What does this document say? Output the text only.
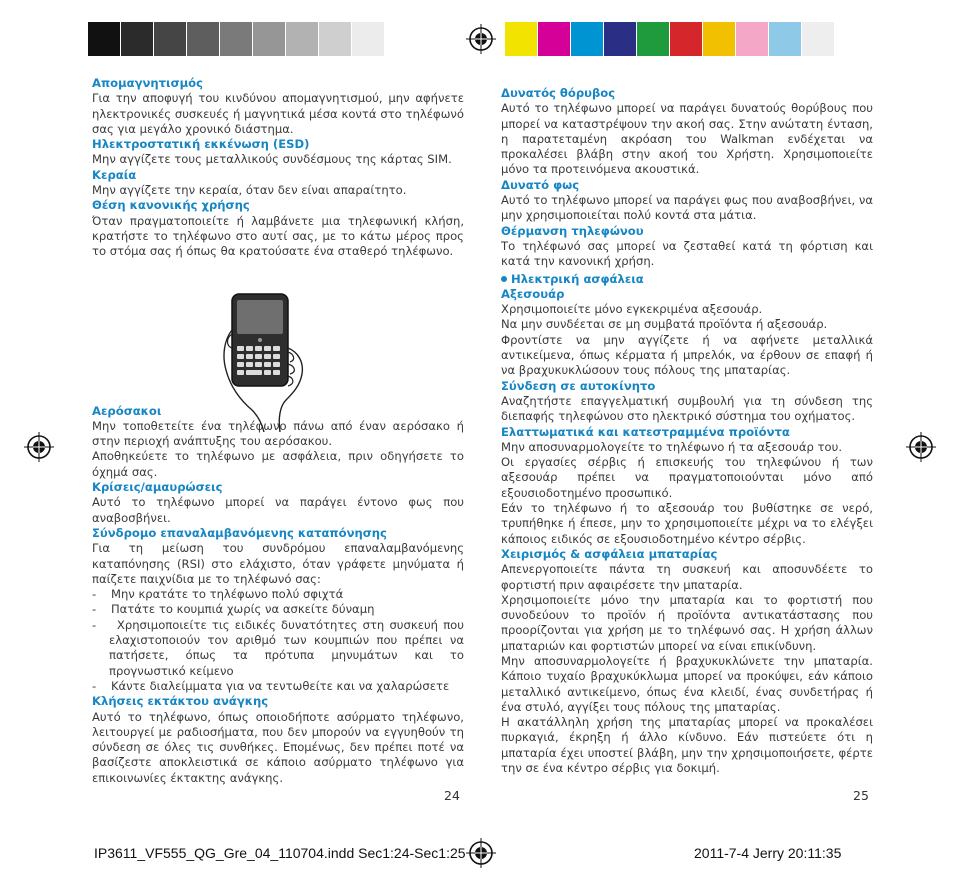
Απομαγνητισμός

Για την αποφυγή του κινδύνου απομαγνητισμού, μην αφήνετε ηλεκτρονικές συσκευές ή μαγνητικά μέσα κοντά στο τηλέφωνό σας για μεγάλο χρονικό διάστημα.

Ηλεκτροστατική εκκένωση (ESD)

Μην αγγίζετε τους μεταλλικούς συνδέσμους της κάρτας SIM.

Κεραία

Μην αγγίζετε την κεραία, όταν δεν είναι απαραίτητο.

Θέση κανονικής χρήσης

Όταν πραγματοποιείτε ή λαμβάνετε μια τηλεφωνική κλήση, κρατήστε το τηλέφωνο στο αυτί σας, με το κάτω μέρος προς το στόμα σας ή όπως θα κρατούσατε ένα σταθερό τηλέφωνο.

Αερόσακοι

Μην τοποθετείτε ένα τηλέφωνο πάνω από έναν αερόσακο ή στην περιοχή ανάπτυξης του αερόσακου.

Αποθηκεύετε το τηλέφωνο με ασφάλεια, πριν οδηγήσετε το όχημά σας.

Κρίσεις/αμαυρώσεις

Αυτό το τηλέφωνο μπορεί να παράγει έντονο φως που αναβοσβήνει.

Σύνδρομο επαναλαμβανόμενης καταπόνησης

Για τη μείωση του συνδρόμου επαναλαμβανόμενης καταπόνησης (RSI) στο ελάχιστο, όταν γράφετε μηνύματα ή παίζετε παιχνίδια με το τηλέφωνό σας:

-    Μην κρατάτε το τηλέφωνο πολύ σφιχτά

-    Πατάτε το κουμπιά χωρίς να ασκείτε δύναμη

-    Χρησιμοποιείτε τις ειδικές δυνατότητες στη συσκευή που ελαχιστοποιούν τον αριθμό των κουμπιών που πρέπει να πατήσετε, όπως τα πρότυπα μηνυμάτων και το προγνωστικό κείμενο

-    Κάντε διαλείμματα για να τεντωθείτε και να χαλαρώσετε

Κλήσεις εκτάκτου ανάγκης

Αυτό το τηλέφωνο, όπως οποιοδήποτε ασύρματο τηλέφωνο, λειτουργεί με ραδιοσήματα, που δεν μπορούν να εγγυηθούν τη σύνδεση σε όλες τις συνθήκες. Επομένως, δεν πρέπει ποτέ να βασίζεστε αποκλειστικά σε κάποιο ασύρματο τηλέφωνο για επικοινωνίες έκτακτης ανάγκης.

Δυνατός θόρυβος

Αυτό το τηλέφωνο μπορεί να παράγει δυνατούς θορύβους που μπορεί να καταστρέψουν την ακοή σας. Στην ανώτατη ένταση, η παρατεταμένη ακρόαση του Walkman ενδέχεται να προκαλέσει βλάβη στην ακοή του Χρήστη. Χρησιμοποιείτε μόνο τα προτεινόμενα ακουστικά.

Δυνατό φως

Αυτό το τηλέφωνο μπορεί να παράγει φως που αναβοσβήνει, να μην χρησιμοποιείται πολύ κοντά στα μάτια.

Θέρμανση τηλεφώνου

Το τηλέφωνό σας μπορεί να ζεσταθεί κατά τη φόρτιση και κατά την κανονική χρήση.

Ηλεκτρική ασφάλεια

Αξεσουάρ

Χρησιμοποιείτε μόνο εγκεκριμένα αξεσουάρ.

Να μην συνδέεται σε μη συμβατά προϊόντα ή αξεσουάρ.

Φροντίστε να μην αγγίζετε ή να αφήνετε μεταλλικά αντικείμενα, όπως κέρματα ή μπρελόκ, να έρθουν σε επαφή ή να βραχυκυκλώσουν τους πόλους της μπαταρίας.

Σύνδεση σε αυτοκίνητο

Αναζητήστε επαγγελματική συμβουλή για τη σύνδεση της διεπαφής τηλεφώνου στο ηλεκτρικό σύστημα του οχήματος.

Ελαττωματικά και κατεστραμμένα προϊόντα

Μην αποσυναρμολογείτε το τηλέφωνο ή τα αξεσουάρ του.

Οι εργασίες σέρβις ή επισκευής του τηλεφώνου ή των αξεσουάρ πρέπει να πραγματοποιούνται μόνο από εξουσιοδοτημένο προσωπικό.

Εάν το τηλέφωνο ή το αξεσουάρ του βυθίστηκε σε νερό, τρυπήθηκε ή έπεσε, μην το χρησιμοποιείτε μέχρι να το ελέγξει κάποιος ειδικός σε εξουσιοδοτημένο κέντρο σέρβις.

Χειρισμός & ασφάλεια μπαταρίας

Απενεργοποιείτε πάντα τη συσκευή και αποσυνδέετε το φορτιστή πριν αφαιρέσετε την μπαταρία.

Χρησιμοποιείτε μόνο την μπαταρία και το φορτιστή που συνοδεύουν το προϊόν ή προϊόντα αντικατάστασης που προορίζονται για χρήση με το τηλέφωνό σας. Η χρήση άλλων μπαταριών και φορτιστών μπορεί να είναι επικίνδυνη.

Μην αποσυναρμολογείτε ή βραχυκυκλώνετε την μπαταρία. Κάποιο τυχαίο βραχυκύκλωμα μπορεί να προκύψει, εάν κάποιο μεταλλικό αντικείμενο, όπως ένα κλειδί, ένας συνδετήρας ή ένα στυλό, αγγίξει τους πόλους της μπαταρίας.

Η ακατάλληλη χρήση της μπαταρίας μπορεί να προκαλέσει πυρκαγιά, έκρηξη ή άλλο κίνδυνο. Εάν πιστεύετε ότι η μπαταρία έχει υποστεί βλάβη, μην την χρησιμοποιήσετε, φέρτε την σε ένα κέντρο σέρβις για δοκιμή.

24	25
IP3611_VF555_QG_Gre_04_110704.indd Sec1:24-Sec1:25	2011-7-4 Jerry 20:11:35
